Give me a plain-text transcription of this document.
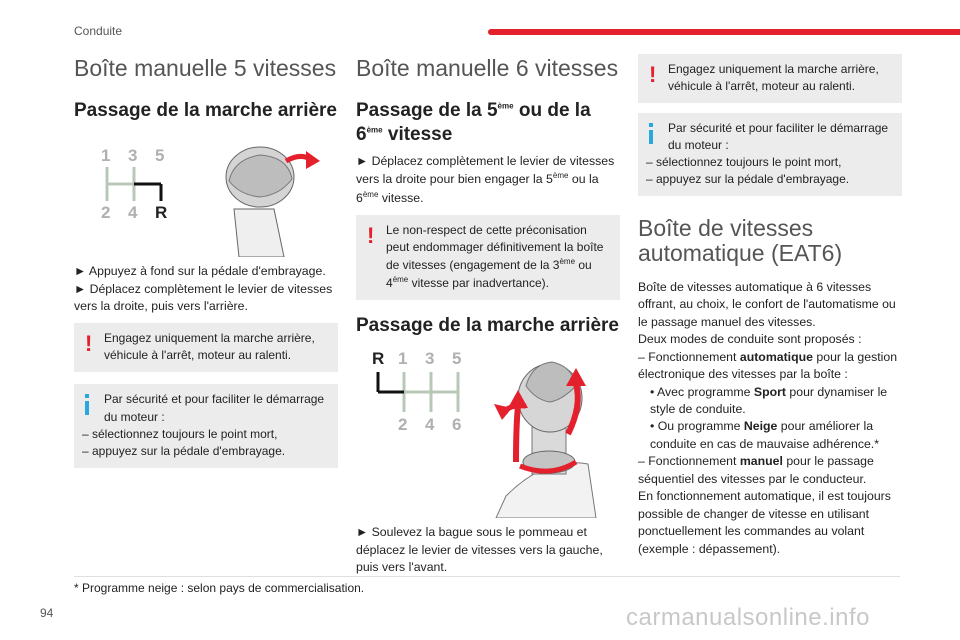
Conduite
Boîte manuelle 5 vitesses
Passage de la marche arrière
1 3 5
2 4 R

► Appuyez à fond sur la pédale d'embrayage.

► Déplacez complètement le levier de vitesses vers la droite, puis vers l'arrière.

! Engagez uniquement la marche arrière, véhicule à l'arrêt, moteur au ralenti.
Par sécurité et pour faciliter le démarrage du moteur :
– sélectionnez toujours le point mort,
– appuyez sur la pédale d'embrayage.
Boîte manuelle 6 vitesses
Passage de la 5ème ou de la 6ème vitesse

► Déplacez complètement le levier de vitesses vers la droite pour bien engager la 5ème ou la 6ème vitesse.

! Le non-respect de cette préconisation peut endommager définitivement la boîte de vitesses (engagement de la 3ème ou 4ème vitesse par inadvertance).
Passage de la marche arrière
R 1 3 5
2 4 6

► Soulevez la bague sous le pommeau et déplacez le levier de vitesses vers la gauche, puis vers l'avant.

! Engagez uniquement la marche arrière, véhicule à l'arrêt, moteur au ralenti.
Par sécurité et pour faciliter le démarrage du moteur :
– sélectionnez toujours le point mort,
– appuyez sur la pédale d'embrayage.
Boîte de vitesses automatique (EAT6)

Boîte de vitesses automatique à 6 vitesses offrant, au choix, le confort de l'automatisme ou le passage manuel des vitesses.

Deux modes de conduite sont proposés :

– Fonctionnement automatique pour la gestion électronique des vitesses par la boîte :

• Avec programme Sport pour dynamiser le style de conduite.

• Ou programme Neige pour améliorer la conduite en cas de mauvaise adhérence.*

– Fonctionnement manuel pour le passage séquentiel des vitesses par le conducteur.

En fonctionnement automatique, il est toujours possible de changer de vitesse en utilisant ponctuellement les commandes au volant (exemple : dépassement).

* Programme neige : selon pays de commercialisation.
94	carmanualsonline.info
